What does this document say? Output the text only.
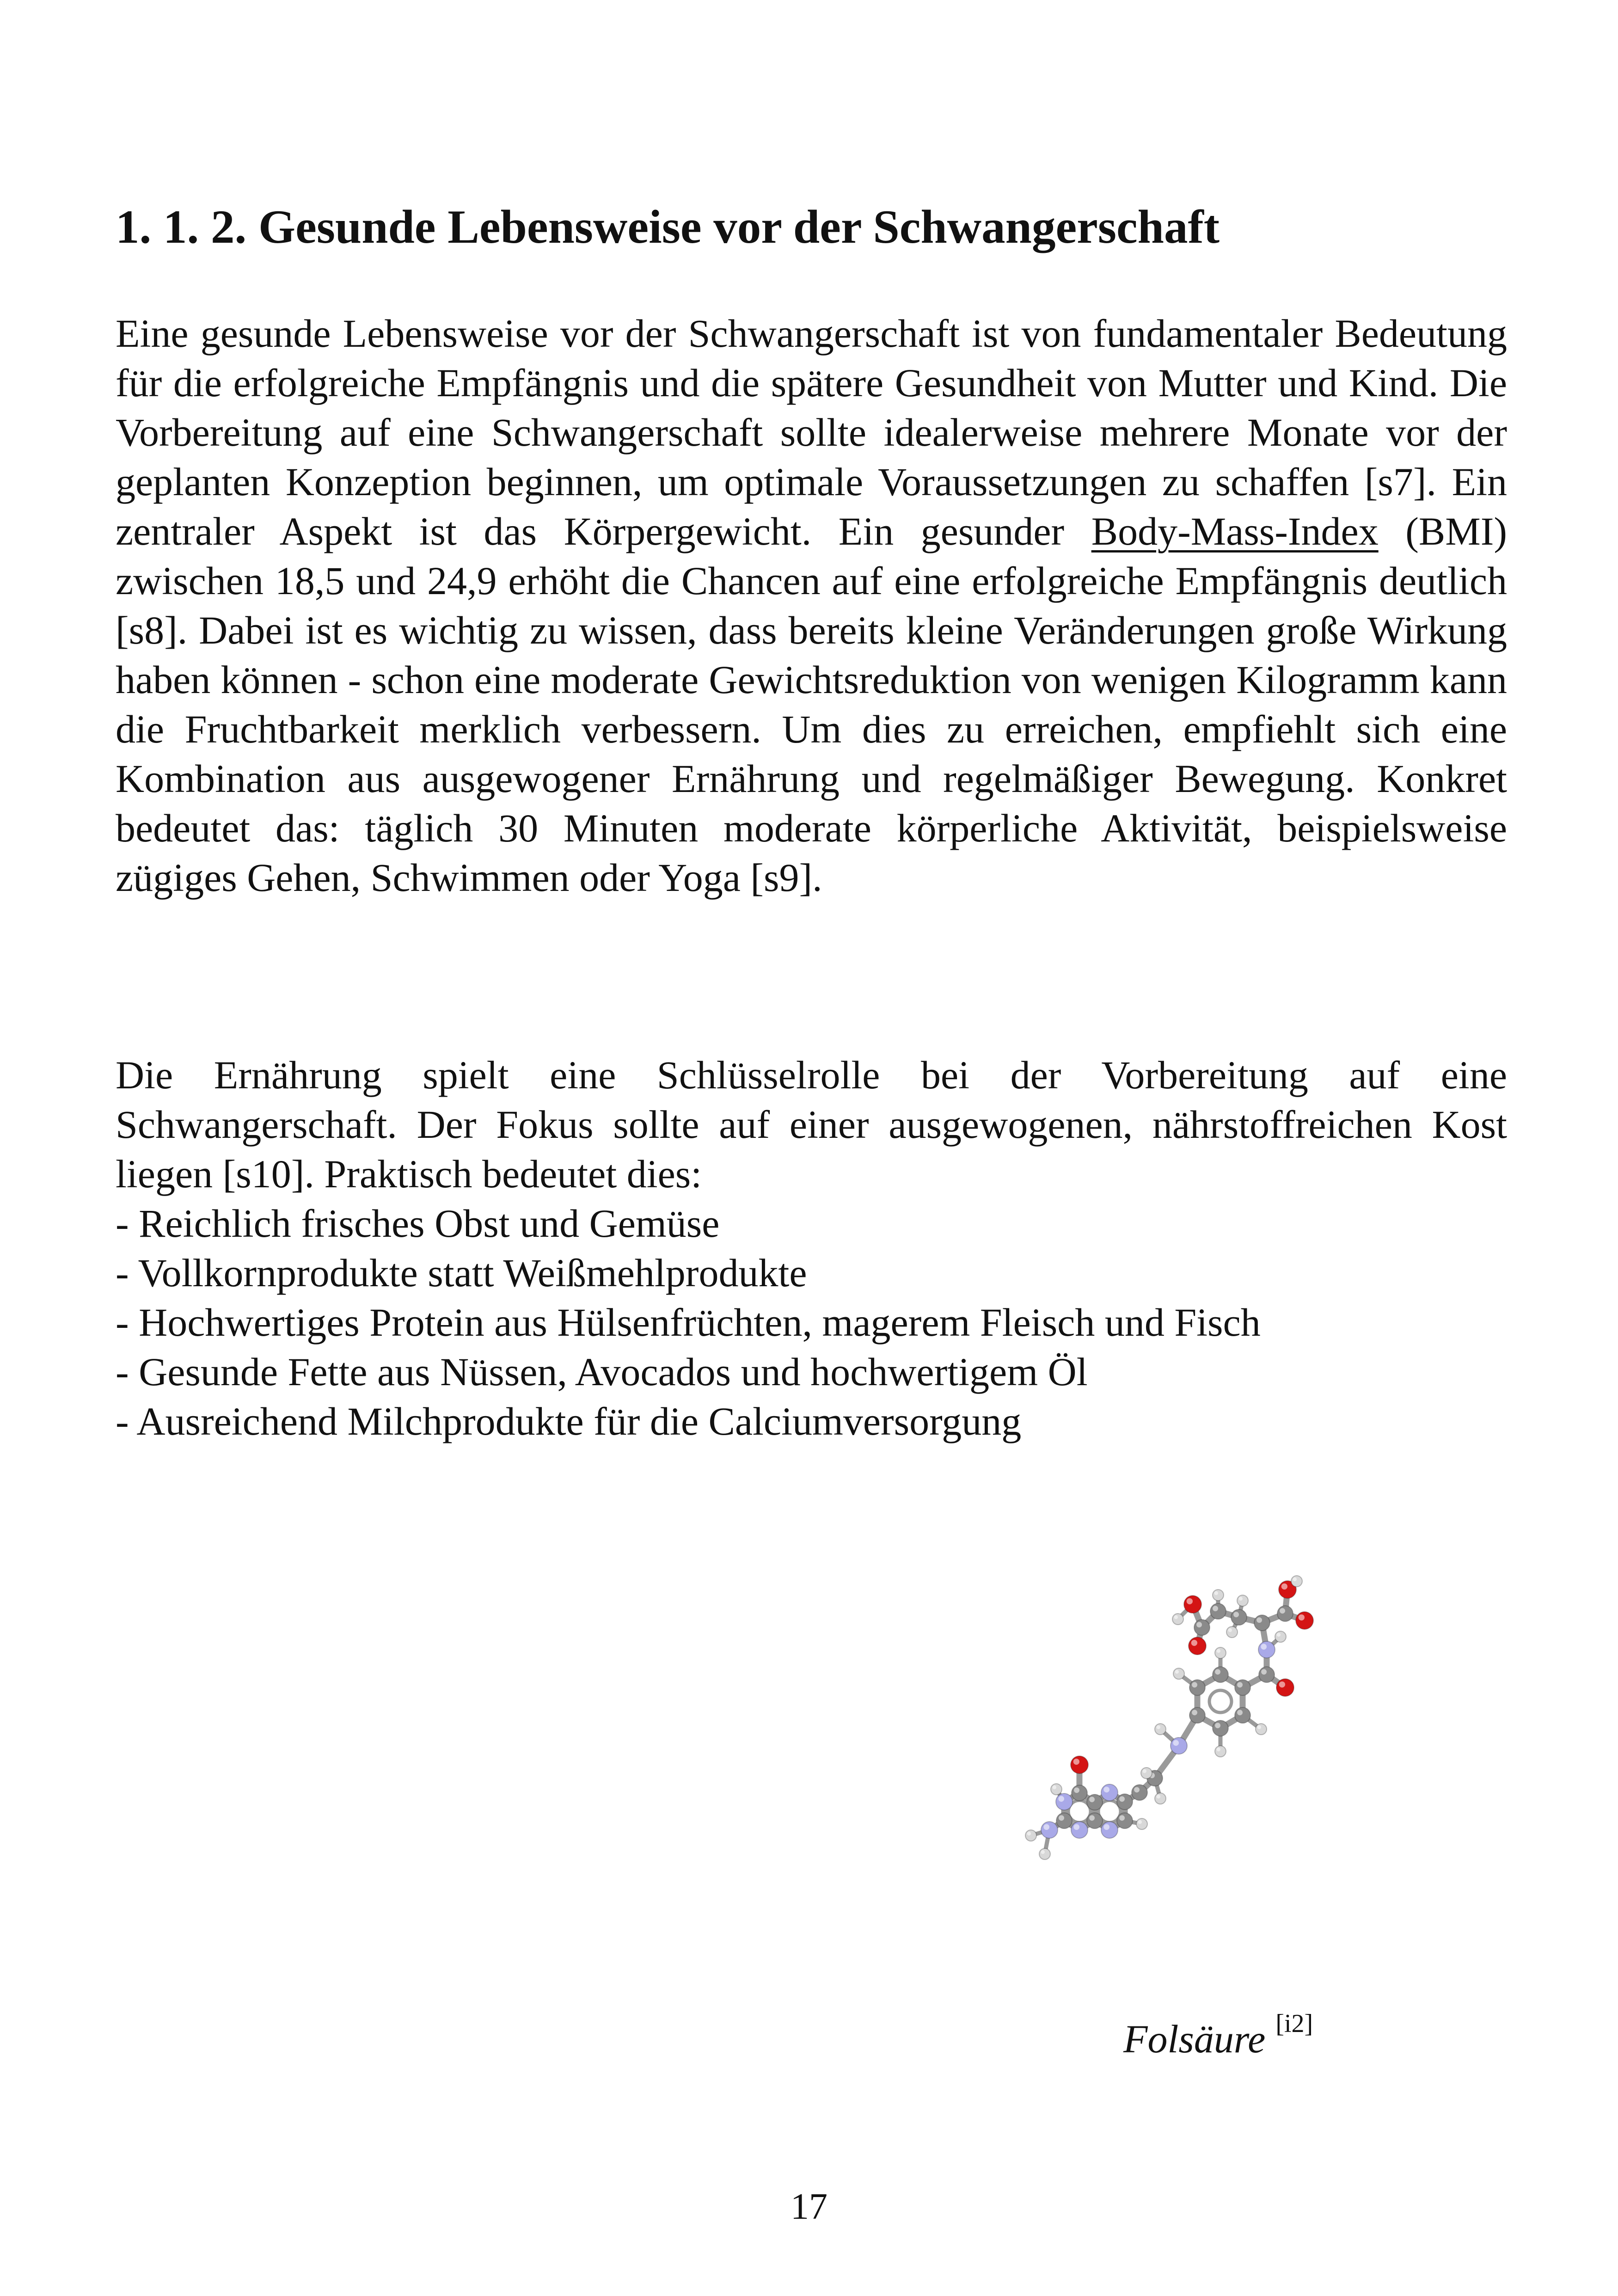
1. 1. 2. Gesunde Lebensweise vor der Schwangerschaft

Eine gesunde Lebensweise vor der Schwangerschaft ist von fundamentaler Bedeutung für die erfolgreiche Empfängnis und die spätere Gesundheit von Mutter und Kind. Die Vorbereitung auf eine Schwangerschaft sollte idealerweise mehrere Monate vor der geplanten Konzeption beginnen, um optimale Voraussetzungen zu schaffen [s7]. Ein zentraler Aspekt ist das Körpergewicht. Ein gesunder Body-Mass-Index (BMI) zwischen 18,5 und 24,9 erhöht die Chancen auf eine erfolgreiche Empfängnis deutlich [s8]. Dabei ist es wichtig zu wissen, dass bereits kleine Veränderungen große Wirkung haben können - schon eine moderate Gewichtsreduktion von wenigen Kilogramm kann die Fruchtbarkeit merklich verbessern. Um dies zu erreichen, empfiehlt sich eine Kombination aus ausgewogener Ernährung und regelmäßiger Bewegung. Konkret bedeutet das: täglich 30 Minuten moderate körperliche Aktivität, beispielsweise zügiges Gehen, Schwimmen oder Yoga [s9].

Die Ernährung spielt eine Schlüsselrolle bei der Vorbereitung auf eine Schwangerschaft. Der Fokus sollte auf einer ausgewogenen, nährstoffreichen Kost liegen [s10]. Praktisch bedeutet dies:

- Reichlich frisches Obst und Gemüse
- Vollkornprodukte statt Weißmehlprodukte
- Hochwertiges Protein aus Hülsenfrüchten, magerem Fleisch und Fisch
- Gesunde Fette aus Nüssen, Avocados und hochwertigem Öl
- Ausreichend Milchprodukte für die Calciumversorgung
Folsäure [i2]
17
